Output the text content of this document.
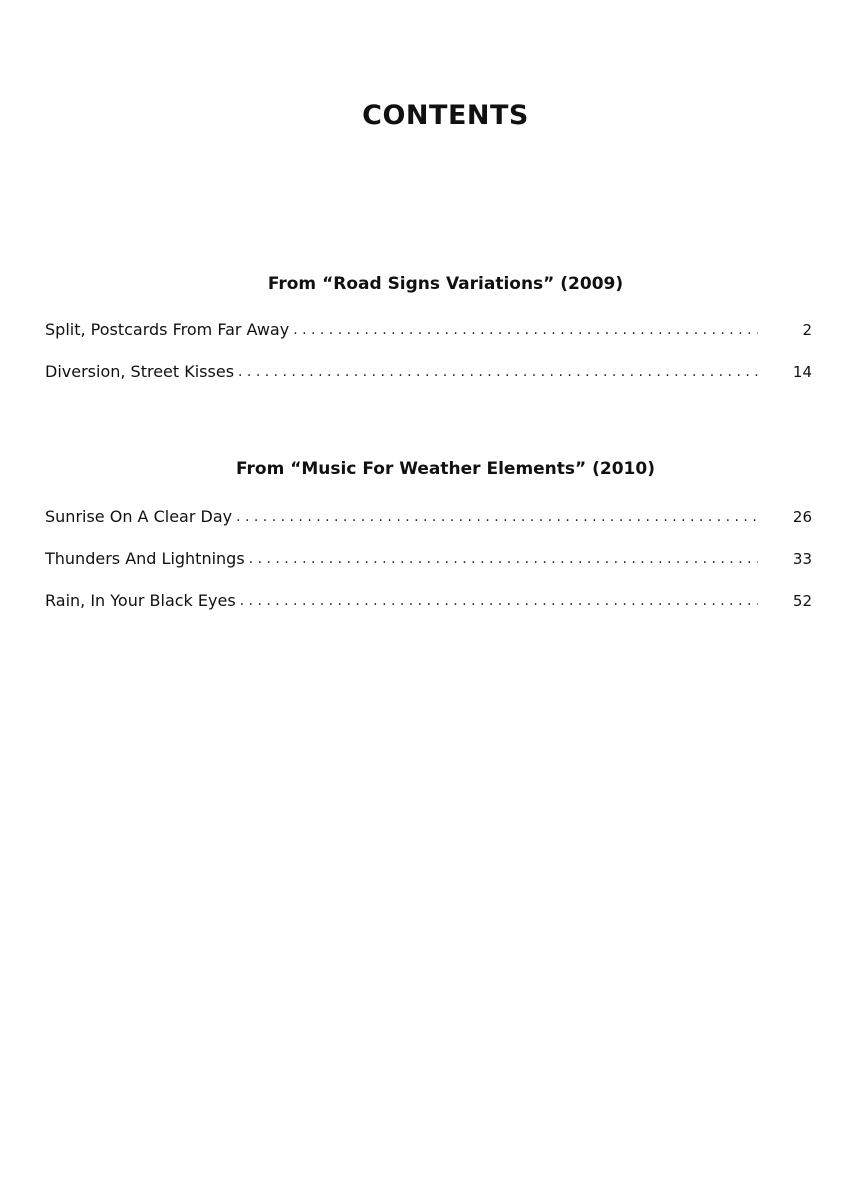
CONTENTS
From “Road Signs Variations” (2009)
Split, Postcards From Far Away . . .	2
Diversion, Street Kisses . . .	14
From “Music For Weather Elements” (2010)
Sunrise On A Clear Day . . .	26
Thunders And Lightnings . . .	33
Rain, In Your Black Eyes . . .	52
